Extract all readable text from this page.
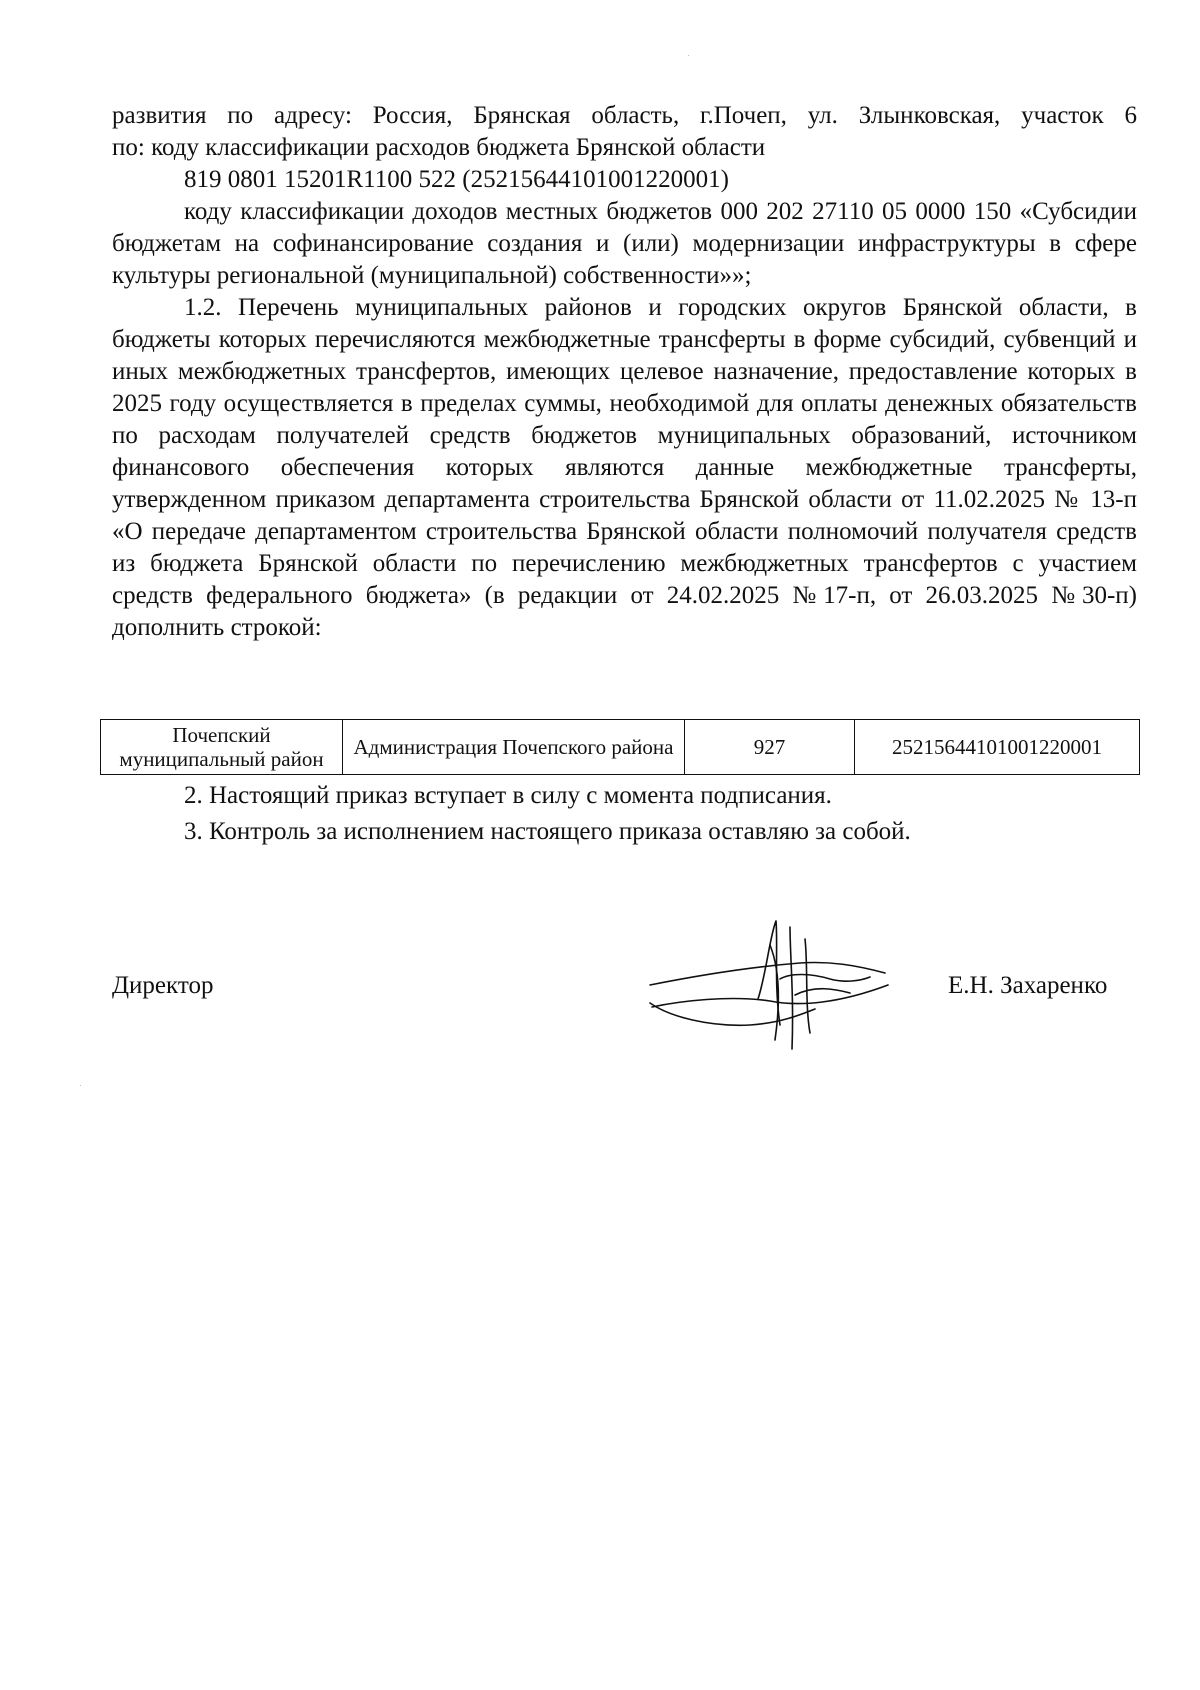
развития по адресу: Россия, Брянская область, г.Почеп, ул. Злынковская, участок 6

по: коду классификации расходов бюджета Брянской области

819 0801 15201R1100 522 (2521564410100122000​1)

коду классификации доходов местных бюджетов 000 202 27110 05 0000 150 «Субсидии бюджетам на софинансирование создания и (или) модернизации инфраструктуры в сфере культуры региональной (муниципальной) собственности»»;

1.2. Перечень муниципальных районов и городских округов Брянской области, в бюджеты которых перечисляются межбюджетные трансферты в форме субсидий, субвенций и иных межбюджетных трансфертов, имеющих целевое назначение, предоставление которых в 2025 году осуществляется в пределах суммы, необходимой для оплаты денежных обязательств по расходам получателей средств бюджетов муниципальных образований, источником финансового обеспечения которых являются данные межбюджетные трансферты, утвержденном приказом департамента строительства Брянской области от 11.02.2025 № 13-п «О передаче департаментом строительства Брянской области полномочий получателя средств из бюджета Брянской области по перечислению межбюджетных трансфертов с участием средств федерального бюджета» (в редакции от 24.02.2025 №17-п, от 26.03.2025 №30-п) дополнить строкой:

Почепский муниципальный район	Администрация Почепского района	927	25215644101001220001

2. Настоящий приказ вступает в силу с момента подписания.

3. Контроль за исполнением настоящего приказа оставляю за собой.

Директор	Е.Н. Захаренко
